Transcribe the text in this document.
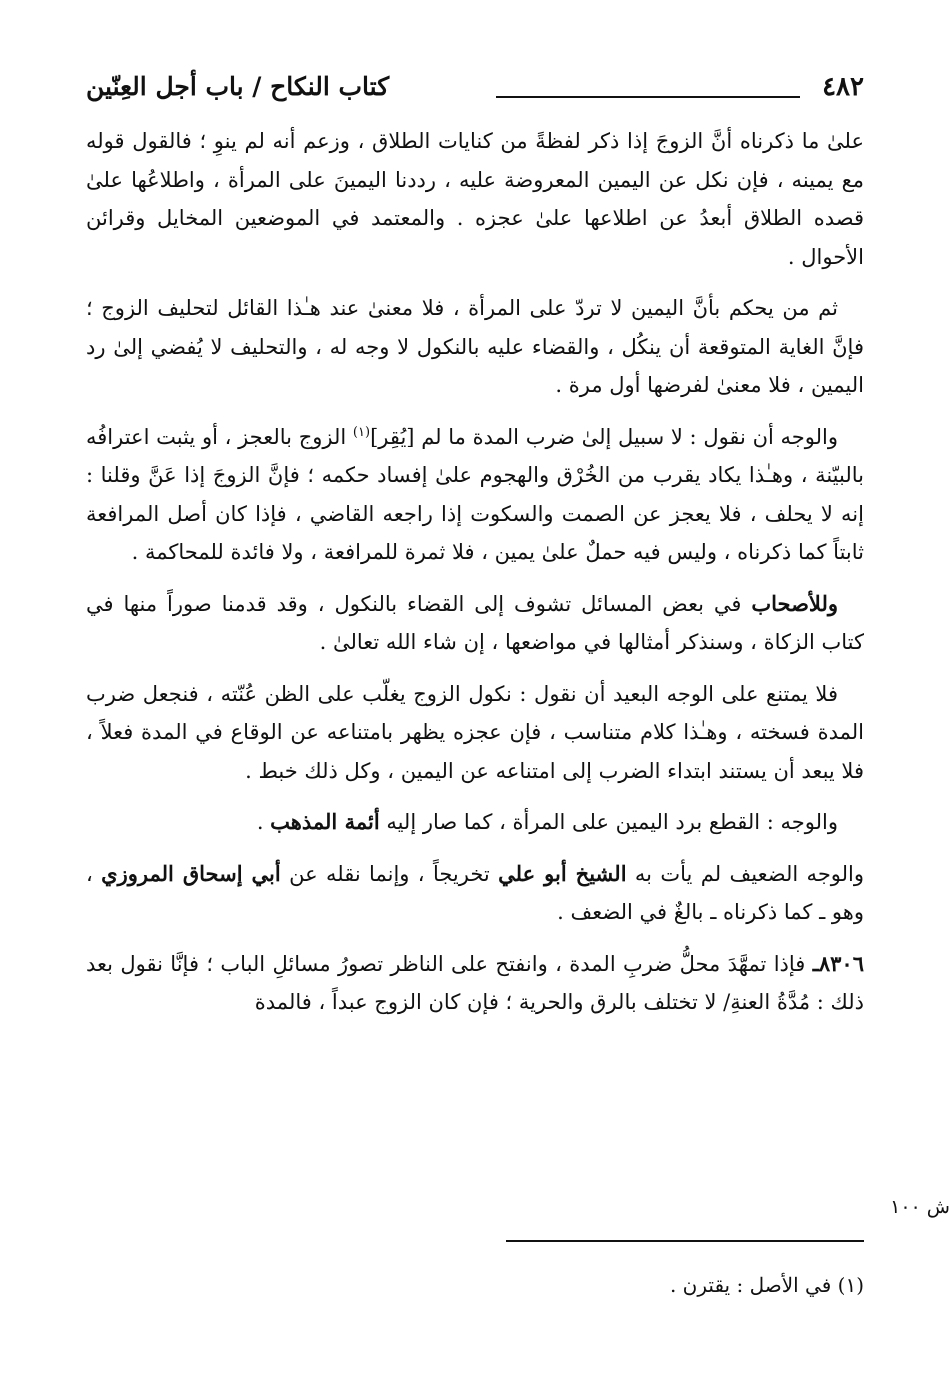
٤٨٢
كتاب النكاح / باب أجل العِنّين

علىٰ ما ذكرناه أنَّ الزوجَ إذا ذكر لفظةً من كنايات الطلاق ، وزعم أنه لم ينوِ ؛ فالقول قوله مع يمينه ، فإن نكل عن اليمين المعروضة عليه ، رددنا اليمينَ على المرأة ، واطلاعُها علىٰ قصده الطلاق أبعدُ عن اطلاعها علىٰ عجزه . والمعتمد في الموضعين المخايل وقرائن الأحوال .

ثم من يحكم بأنَّ اليمين لا تردّ على المرأة ، فلا معنىٰ عند هـٰذا القائل لتحليف الزوج ؛ فإنَّ الغاية المتوقعة أن ينكُل ، والقضاء عليه بالنكول لا وجه له ، والتحليف لا يُفضي إلىٰ رد اليمين ، فلا معنىٰ لفرضها أول مرة .

والوجه أن نقول : لا سبيل إلىٰ ضرب المدة ما لم [يُقِر]$^{(١)}$ الزوج بالعجز ، أو يثبت اعترافُه بالبيّنة ، وهـٰذا يكاد يقرب من الخُرْق والهجوم علىٰ إفساد حكمه ؛ فإنَّ الزوجَ إذا عَنَّ وقلنا : إنه لا يحلف ، فلا يعجز عن الصمت والسكوت إذا راجعه القاضي ، فإذا كان أصل المرافعة ثابتاً كما ذكرناه ، وليس فيه حملٌ علىٰ يمين ، فلا ثمرة للمرافعة ، ولا فائدة للمحاكمة .

وللأصحاب في بعض المسائل تشوف إلى القضاء بالنكول ، وقد قدمنا صوراً منها في كتاب الزكاة ، وسنذكر أمثالها في مواضعها ، إن شاء الله تعالىٰ .

فلا يمتنع على الوجه البعيد أن نقول : نكول الزوج يغلّب على الظن عُنّته ، فنجعل ضرب المدة فسخته ، وهـٰذا كلام متناسب ، فإن عجزه يظهر بامتناعه عن الوقاع في المدة فعلاً ، فلا يبعد أن يستند ابتداء الضرب إلى امتناعه عن اليمين ، وكل ذلك خبط .

والوجه : القطع برد اليمين على المرأة ، كما صار إليه أئمة المذهب .

والوجه الضعيف لم يأت به الشيخ أبو علي تخريجاً ، وإنما نقله عن أبي إسحاق المروزي ، وهو ـ كما ذكرناه ـ بالغٌ في الضعف .

٨٣٠٦ـ فإذا تمهَّدَ محلُّ ضربِ المدة ، وانفتح على الناظر تصورُ مسائلِ الباب ؛ فإنَّا نقول بعد ذلك : مُدَّةُ العنةِ/ لا تختلف بالرق والحرية ؛ فإن كان الزوج عبداً ، فالمدة

ش ١٠٠
(١) في الأصل : يقترن .
